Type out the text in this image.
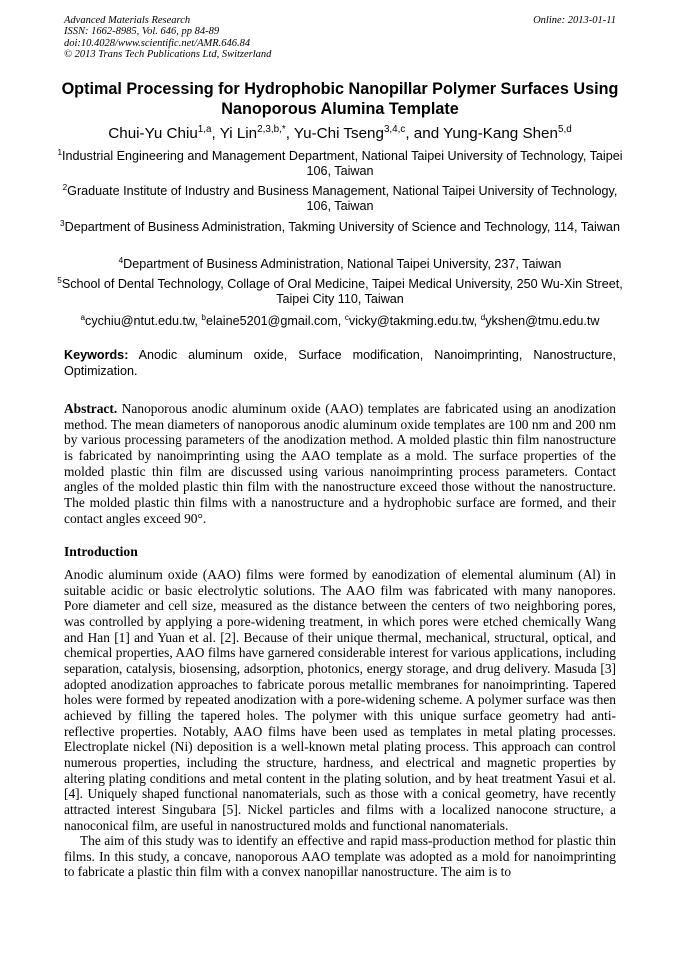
Advanced Materials Research
ISSN: 1662-8985, Vol. 646, pp 84-89
doi:10.4028/www.scientific.net/AMR.646.84
© 2013 Trans Tech Publications Ltd, Switzerland
Online: 2013-01-11
Optimal Processing for Hydrophobic Nanopillar Polymer Surfaces Using Nanoporous Alumina Template
Chui-Yu Chiu$^{1,a}$, Yi Lin$^{2,3,b,*}$, Yu-Chi Tseng$^{3,4,c}$, and Yung-Kang Shen$^{5,d}$
$^1$Industrial Engineering and Management Department, National Taipei University of Technology, Taipei 106, Taiwan
$^2$Graduate Institute of Industry and Business Management, National Taipei University of Technology, 106, Taiwan
$^3$Department of Business Administration, Takming University of Science and Technology, 114, Taiwan
$^4$Department of Business Administration, National Taipei University, 237, Taiwan
$^5$School of Dental Technology, Collage of Oral Medicine, Taipei Medical University, 250 Wu-Xin Street, Taipei City 110, Taiwan
$^a$cychiu@ntut.edu.tw, $^b$elaine5201@gmail.com, $^c$vicky@takming.edu.tw, $^d$ykshen@tmu.edu.tw
Keywords: Anodic aluminum oxide, Surface modification, Nanoimprinting, Nanostructure, Optimization.
Abstract. Nanoporous anodic aluminum oxide (AAO) templates are fabricated using an anodization method. The mean diameters of nanoporous anodic aluminum oxide templates are 100 nm and 200 nm by various processing parameters of the anodization method. A molded plastic thin film nanostructure is fabricated by nanoimprinting using the AAO template as a mold. The surface properties of the molded plastic thin film are discussed using various nanoimprinting process parameters. Contact angles of the molded plastic thin film with the nanostructure exceed those without the nanostructure. The molded plastic thin films with a nanostructure and a hydrophobic surface are formed, and their contact angles exceed 90°.
Introduction

Anodic aluminum oxide (AAO) films were formed by eanodization of elemental aluminum (Al) in suitable acidic or basic electrolytic solutions. The AAO film was fabricated with many nanopores. Pore diameter and cell size, measured as the distance between the centers of two neighboring pores, was controlled by applying a pore-widening treatment, in which pores were etched chemically Wang and Han [1] and Yuan et al. [2]. Because of their unique thermal, mechanical, structural, optical, and chemical properties, AAO films have garnered considerable interest for various applications, including separation, catalysis, biosensing, adsorption, photonics, energy storage, and drug delivery. Masuda [3] adopted anodization approaches to fabricate porous metallic membranes for nanoimprinting. Tapered holes were formed by repeated anodization with a pore-widening scheme. A polymer surface was then achieved by filling the tapered holes. The polymer with this unique surface geometry had anti-reflective properties. Notably, AAO films have been used as templates in metal plating processes. Electroplate nickel (Ni) deposition is a well-known metal plating process. This approach can control numerous properties, including the structure, hardness, and electrical and magnetic properties by altering plating conditions and metal content in the plating solution, and by heat treatment Yasui et al. [4]. Uniquely shaped functional nanomaterials, such as those with a conical geometry, have recently attracted interest Singubara [5]. Nickel particles and films with a localized nanocone structure, a nanoconical film, are useful in nanostructured molds and functional nanomaterials.

The aim of this study was to identify an effective and rapid mass-production method for plastic thin films. In this study, a concave, nanoporous AAO template was adopted as a mold for nanoimprinting to fabricate a plastic thin film with a convex nanopillar nanostructure. The aim is to
